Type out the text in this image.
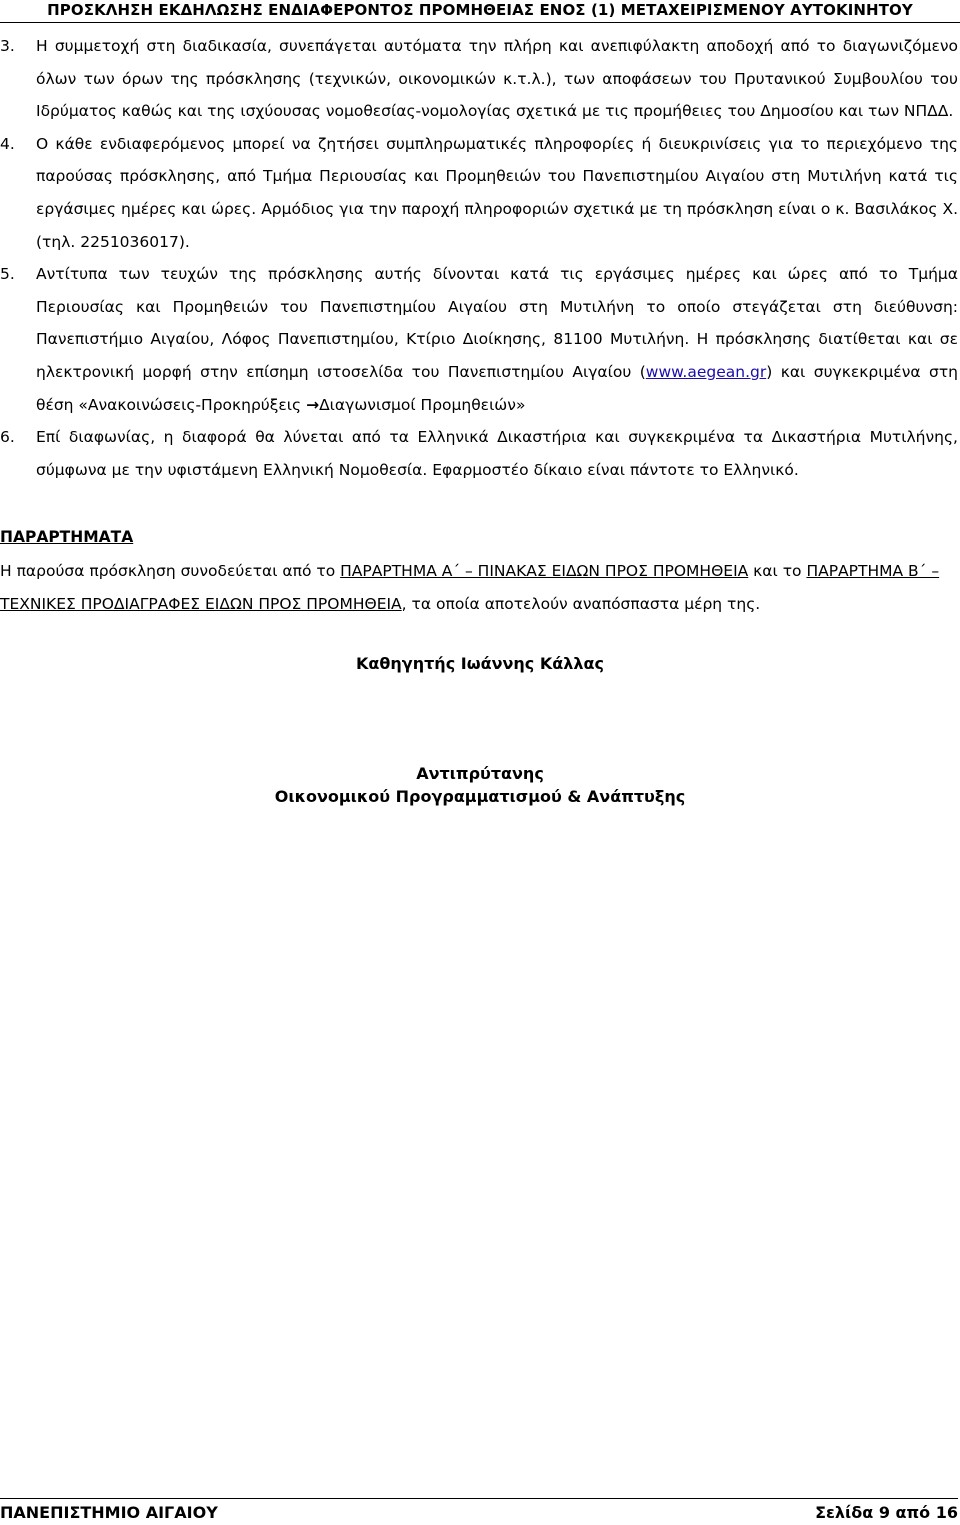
ΠΡΟΣΚΛΗΣΗ ΕΚΔΗΛΩΣΗΣ ΕΝΔΙΑΦΕΡΟΝΤΟΣ ΠΡΟΜΗΘΕΙΑΣ ΕΝΟΣ (1) ΜΕΤΑΧΕΙΡΙΣΜΕΝΟΥ ΑΥΤΟΚΙΝΗΤΟΥ
3. Η συμμετοχή στη διαδικασία, συνεπάγεται αυτόματα την πλήρη και ανεπιφύλακτη αποδοχή από το διαγωνιζόμενο όλων των όρων της πρόσκλησης (τεχνικών, οικονομικών κ.τ.λ.), των αποφάσεων του Πρυτανικού Συμβουλίου του Ιδρύματος καθώς και της ισχύουσας νομοθεσίας-νομολογίας σχετικά με τις προμήθειες του Δημοσίου και των ΝΠΔΔ.
4. Ο κάθε ενδιαφερόμενος μπορεί να ζητήσει συμπληρωματικές πληροφορίες ή διευκρινίσεις για το περιεχόμενο της παρούσας πρόσκλησης, από Τμήμα Περιουσίας και Προμηθειών του Πανεπιστημίου Αιγαίου στη Μυτιλήνη κατά τις εργάσιμες ημέρες και ώρες. Αρμόδιος για την παροχή πληροφοριών σχετικά με τη πρόσκληση είναι ο κ. Βασιλάκος Χ. (τηλ. 2251036017).
5. Αντίτυπα των τευχών της πρόσκλησης αυτής δίνονται κατά τις εργάσιμες ημέρες και ώρες από το Τμήμα Περιουσίας και Προμηθειών του Πανεπιστημίου Αιγαίου στη Μυτιλήνη το οποίο στεγάζεται στη διεύθυνση: Πανεπιστήμιο Αιγαίου, Λόφος Πανεπιστημίου, Κτίριο Διοίκησης, 81100 Μυτιλήνη. Η πρόσκλησης διατίθεται και σε ηλεκτρονική μορφή στην επίσημη ιστοσελίδα του Πανεπιστημίου Αιγαίου (www.aegean.gr) και συγκεκριμένα στη θέση «Ανακοινώσεις-Προκηρύξεις →Διαγωνισμοί Προμηθειών»
6. Επί διαφωνίας, η διαφορά θα λύνεται από τα Ελληνικά Δικαστήρια και συγκεκριμένα τα Δικαστήρια Μυτιλήνης, σύμφωνα με την υφιστάμενη Ελληνική Νομοθεσία. Εφαρμοστέο δίκαιο είναι πάντοτε το Ελληνικό.
ΠΑΡΑΡΤΗΜΑΤΑ
Η παρούσα πρόσκληση συνοδεύεται από το ΠΑΡΑΡΤΗΜΑ Α΄ – ΠΙΝΑΚΑΣ ΕΙΔΩΝ ΠΡΟΣ ΠΡΟΜΗΘΕΙΑ και το ΠΑΡΑΡΤΗΜΑ Β΄ – ΤΕΧΝΙΚΕΣ ΠΡΟΔΙΑΓΡΑΦΕΣ ΕΙΔΩΝ ΠΡΟΣ ΠΡΟΜΗΘΕΙΑ, τα οποία αποτελούν αναπόσπαστα μέρη της.
Καθηγητής Ιωάννης Κάλλας
Αντιπρύτανης
Οικονομικού Προγραμματισμού & Ανάπτυξης
ΠΑΝΕΠΙΣΤΗΜΙΟ ΑΙΓΑΙΟΥ	Σελίδα 9 από 16
